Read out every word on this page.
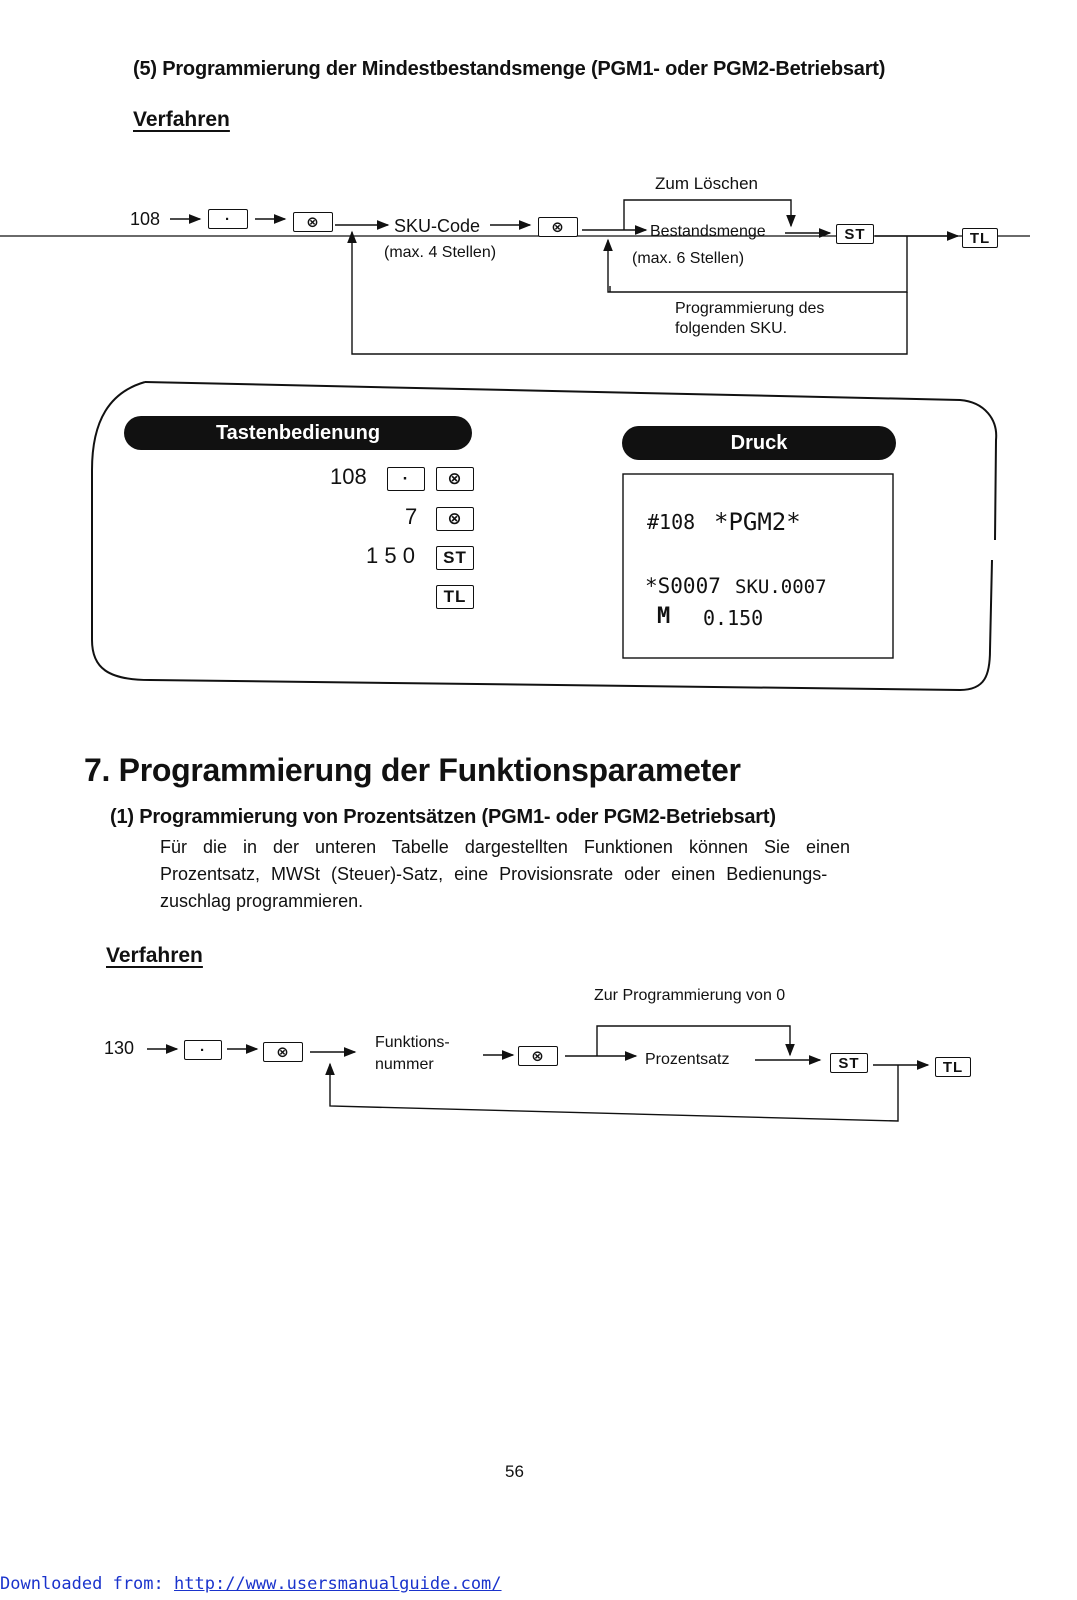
(5) Programmierung der Mindestbestandsmenge (PGM1- oder PGM2-Betriebsart)
Verfahren
108	·	⊗	SKU-Code
(max. 4 Stellen)
⊗
Zum Löschen
Bestandsmenge
(max. 6 Stellen)
ST	TL
Programmierung des
folgenden SKU.
Tastenbedienung	Druck
108	·	⊗
7	⊗
1 5 0	ST
TL
#108 *PGM2*
*S0007 SKU.0007
M 0.150
7. Programmierung der Funktionsparameter
(1) Programmierung von Prozentsätzen (PGM1- oder PGM2-Betriebsart)
Für die in der unteren Tabelle dargestellten Funktionen können Sie einen
Prozentsatz, MWSt (Steuer)-Satz, eine Provisionsrate oder einen Bedienungs-
zuschlag programmieren.
Verfahren
Zur Programmierung von 0
130	·	⊗
Funktions-
nummer	⊗	Prozentsatz	ST	TL
56
Downloaded from: http://www.usersmanualguide.com/
